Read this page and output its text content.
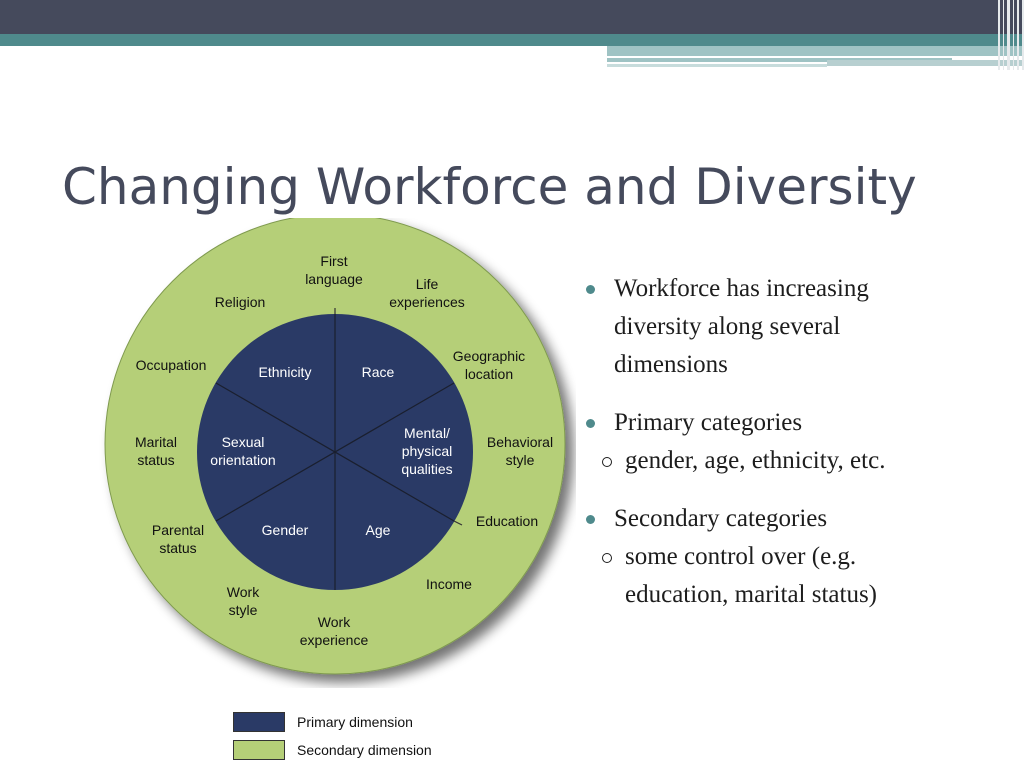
Changing Workforce and Diversity
Ethnicity	Race
Mental/
physical
qualities
Sexual
orientation
Gender	Age
First
language	Life
experiences
Religion
Geographic
location
Occupation
Marital
status
Behavioral
style
Education
Parental
status
Income
Work
style
Work
experience
Primary dimension
Secondary dimension
Workforce has increasing
diversity along several
dimensions
Primary categories
gender, age, ethnicity, etc.
Secondary categories
some control over (e.g.
education, marital status)
